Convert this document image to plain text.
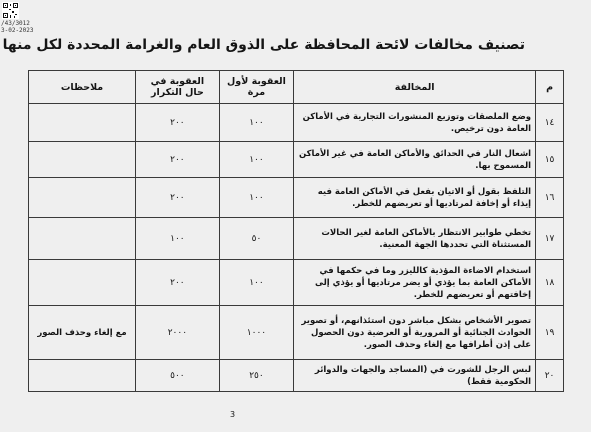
/43/3012
3-02-2023
تصنيف مخالفات لائحة المحافظة على الذوق العام والغرامة المحددة لكل منها
م	المخالفة	العقوبة لأول مرة	العقوبة في حال التكرار	ملاحظات
١٤	وضع الملصقات وتوزيع المنشورات التجارية في الأماكن العامة دون ترخيص.	١٠٠	٢٠٠	
١٥	اشعال النار في الحدائق والأماكن العامة في غير الأماكن المسموح بها.	١٠٠	٢٠٠	
١٦	التلفظ بقول أو الاتيان بفعل في الأماكن العامة فيه إيذاء أو إخافة لمرتاديها أو تعريضهم للخطر.	١٠٠	٢٠٠	
١٧	تخطي طوابير الانتظار بالأماكن العامة لغير الحالات المستثناة التي تحددها الجهة المعنية.	٥٠	١٠٠	
١٨	استخدام الاضاءة المؤذية كالليزر وما في حكمها في الأماكن العامة بما يؤذي أو يضر مرتاديها أو يؤذي إلى إخافتهم أو تعريضهم للخطر.	١٠٠	٢٠٠	
١٩	تصوير الأشخاص بشكل مباشر دون استئذانهم، أو تصوير الحوادث الجنائية أو المرورية أو العرضية دون الحصول على إذن أطرافها مع إلغاء وحذف الصور.	١٠٠٠	٢٠٠٠	مع إلغاء وحذف الصور
٢٠	لبس الرجل للشورت في (المساجد والجهات والدوائر الحكومية فقط)	٢٥٠	٥٠٠	
3
